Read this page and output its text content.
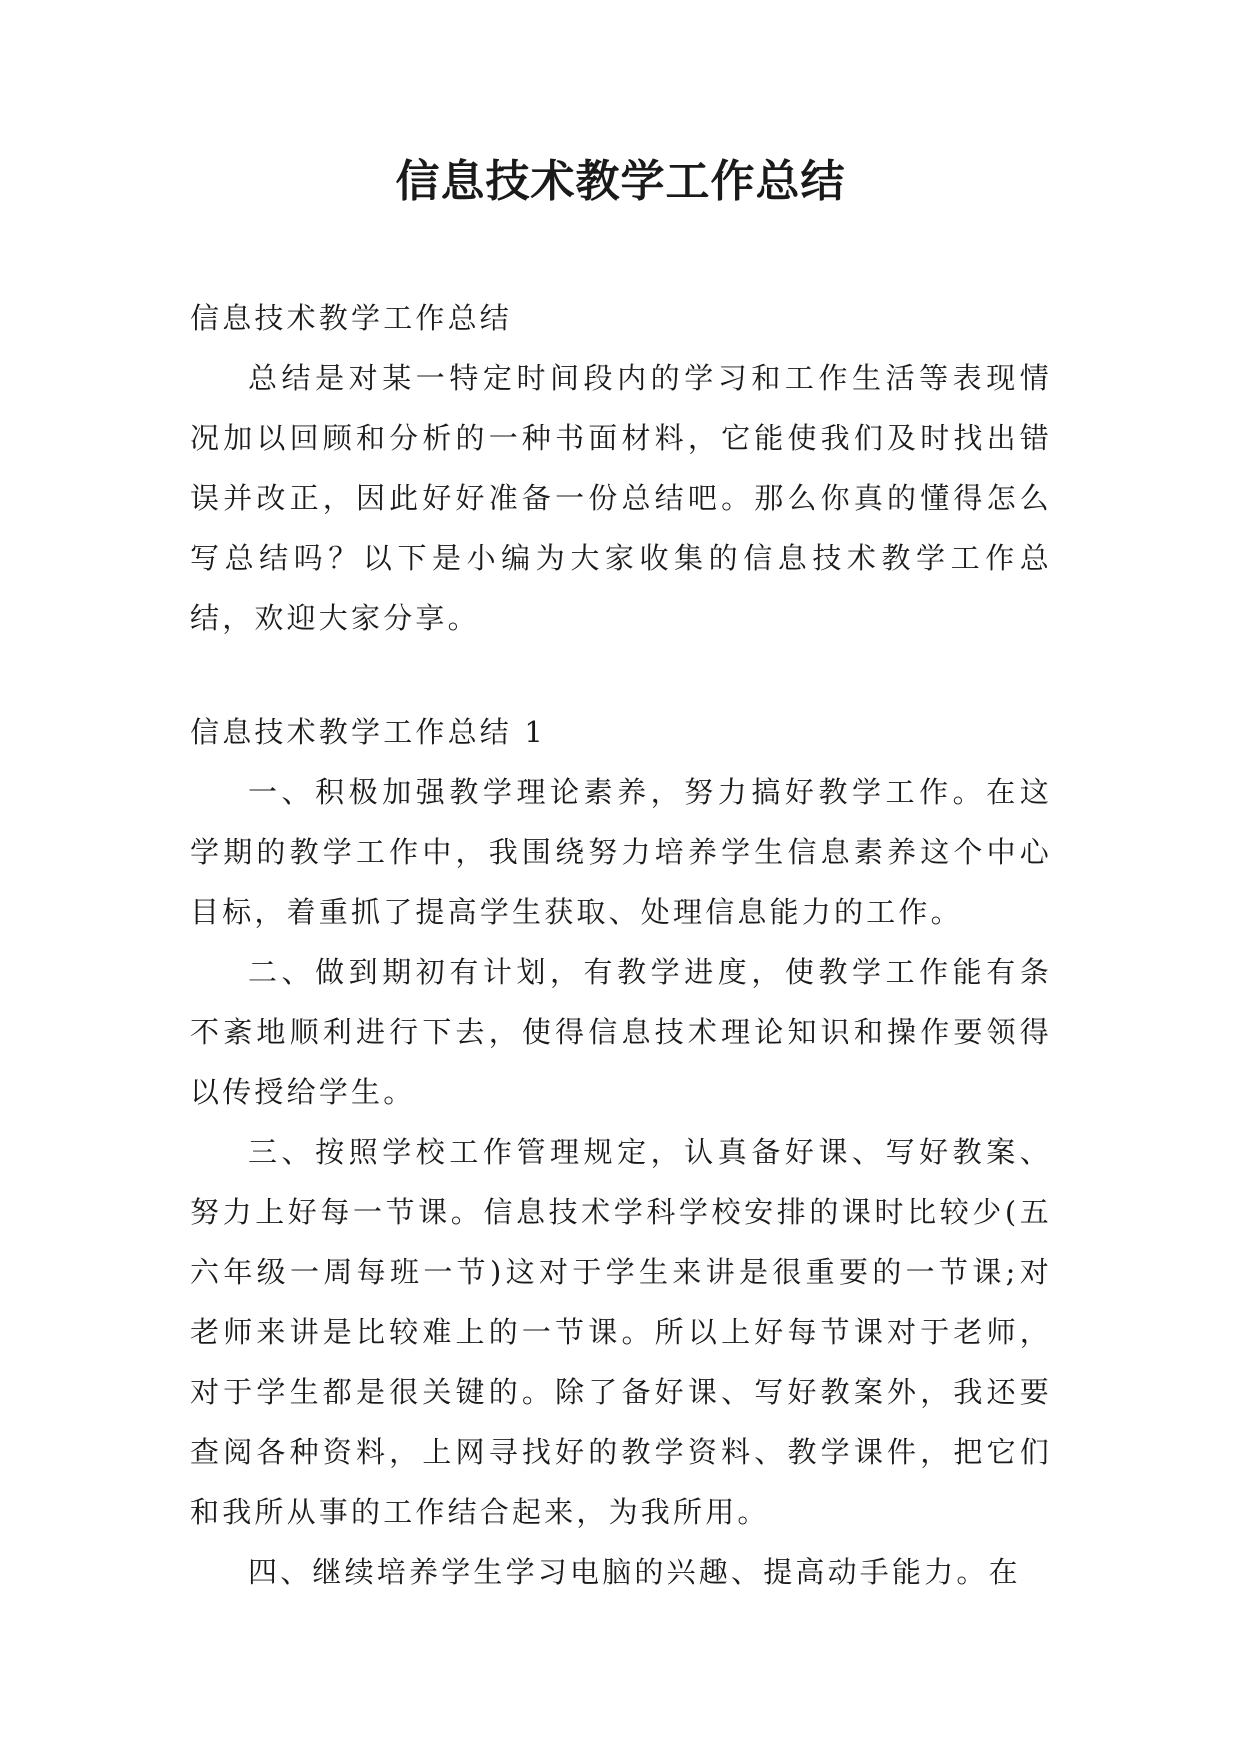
信息技术教学工作总结

信息技术教学工作总结

总结是对某一特定时间段内的学习和工作生活等表现情况加以回顾和分析的一种书面材料，它能使我们及时找出错误并改正，因此好好准备一份总结吧。那么你真的懂得怎么写总结吗？以下是小编为大家收集的信息技术教学工作总结，欢迎大家分享。

信息技术教学工作总结 1

一、积极加强教学理论素养，努力搞好教学工作。在这学期的教学工作中，我围绕努力培养学生信息素养这个中心目标，着重抓了提高学生获取、处理信息能力的工作。

二、做到期初有计划，有教学进度，使教学工作能有条不紊地顺利进行下去，使得信息技术理论知识和操作要领得以传授给学生。

三、按照学校工作管理规定，认真备好课、写好教案、努力上好每一节课。信息技术学科学校安排的课时比较少(五六年级一周每班一节)这对于学生来讲是很重要的一节课;对老师来讲是比较难上的一节课。所以上好每节课对于老师，对于学生都是很关键的。除了备好课、写好教案外，我还要查阅各种资料，上网寻找好的教学资料、教学课件，把它们和我所从事的工作结合起来，为我所用。

四、继续培养学生学习电脑的兴趣、提高动手能力。在
